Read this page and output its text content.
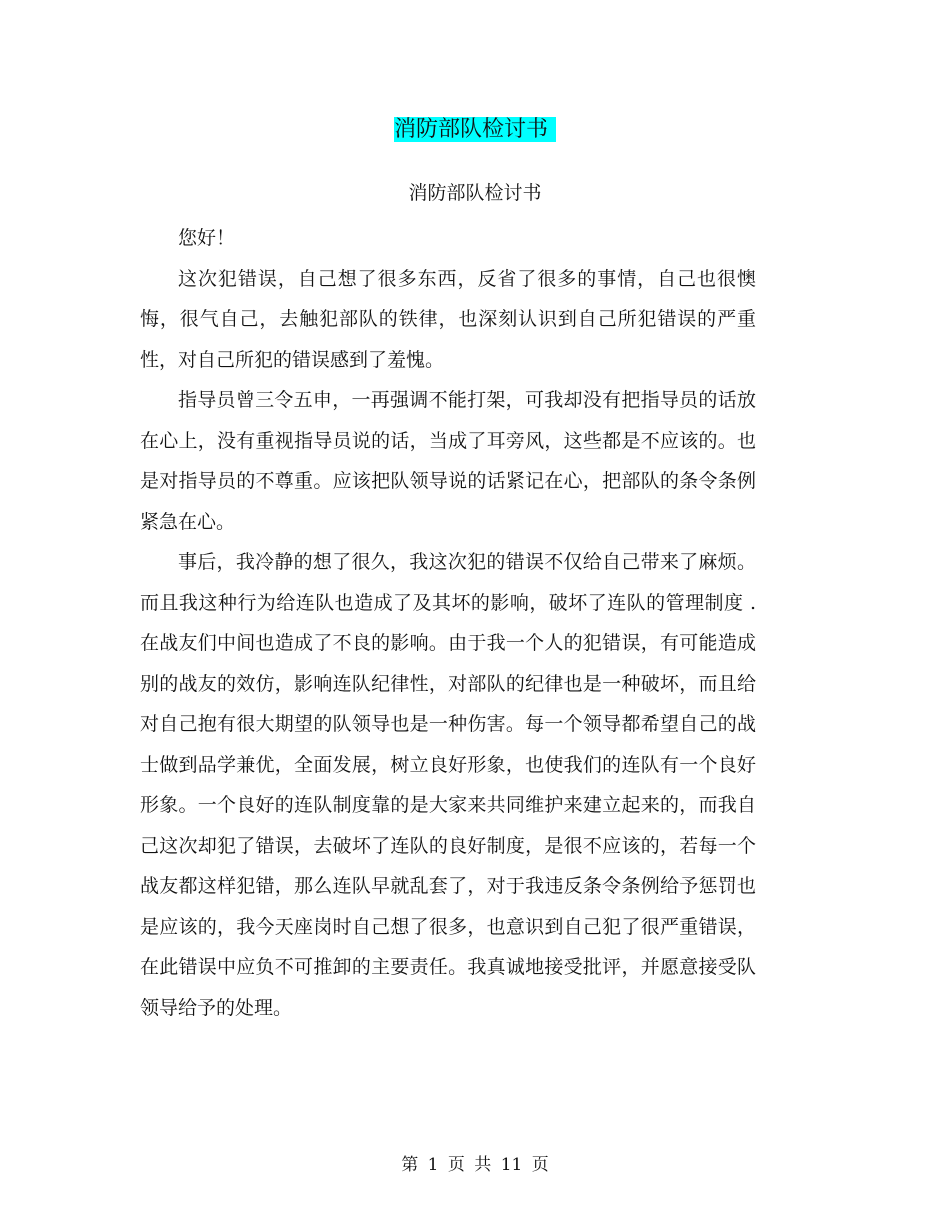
消防部队检讨书
消防部队检讨书

您好！

这次犯错误，自己想了很多东西，反省了很多的事情，自己也很懊悔，很气自己，去触犯部队的铁律，也深刻认识到自己所犯错误的严重性，对自己所犯的错误感到了羞愧。

指导员曾三令五申，一再强调不能打架，可我却没有把指导员的话放在心上，没有重视指导员说的话，当成了耳旁风，这些都是不应该的。也是对指导员的不尊重。应该把队领导说的话紧记在心，把部队的条令条例紧急在心。

事后，我冷静的想了很久，我这次犯的错误不仅给自己带来了麻烦。而且我这种行为给连队也造成了及其坏的影响，破坏了连队的管理制度 . 在战友们中间也造成了不良的影响。由于我一个人的犯错误，有可能造成别的战友的效仿，影响连队纪律性，对部队的纪律也是一种破坏，而且给对自己抱有很大期望的队领导也是一种伤害。每一个领导都希望自己的战士做到品学兼优，全面发展，树立良好形象，也使我们的连队有一个良好形象。一个良好的连队制度靠的是大家来共同维护来建立起来的，而我自己这次却犯了错误，去破坏了连队的良好制度，是很不应该的，若每一个战友都这样犯错，那么连队早就乱套了，对于我违反条令条例给予惩罚也是应该的，我今天座岗时自己想了很多，也意识到自己犯了很严重错误，在此错误中应负不可推卸的主要责任。我真诚地接受批评，并愿意接受队领导给予的处理。

第 1 页 共 11 页
